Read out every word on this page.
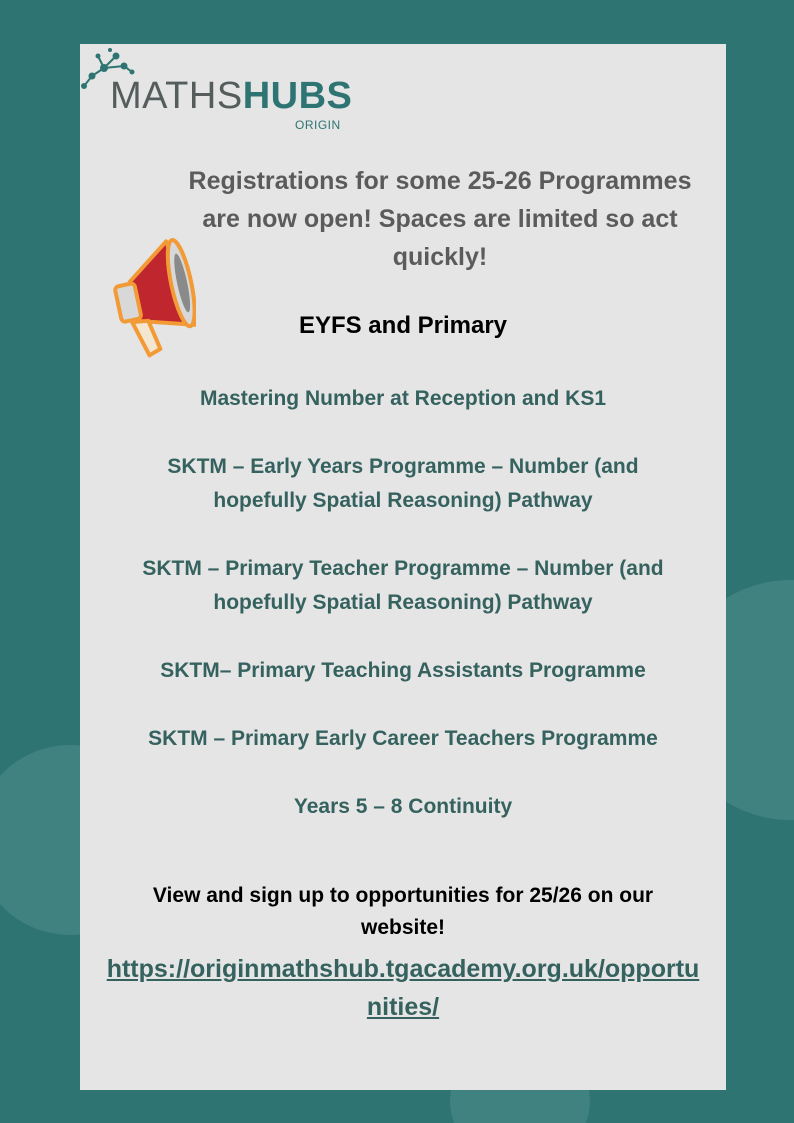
MATHSHUBS
ORIGIN
Registrations for some 25-26 Programmes are now open! Spaces are limited so act quickly!
EYFS and Primary
Mastering Number at Reception and KS1
SKTM – Early Years Programme – Number (and hopefully Spatial Reasoning) Pathway
SKTM – Primary Teacher Programme – Number (and hopefully Spatial Reasoning) Pathway
SKTM– Primary Teaching Assistants Programme
SKTM – Primary Early Career Teachers Programme
Years 5 – 8 Continuity
View and sign up to opportunities for 25/26 on our website!
https://originmathshub.tgacademy.org.uk/opportunities/
